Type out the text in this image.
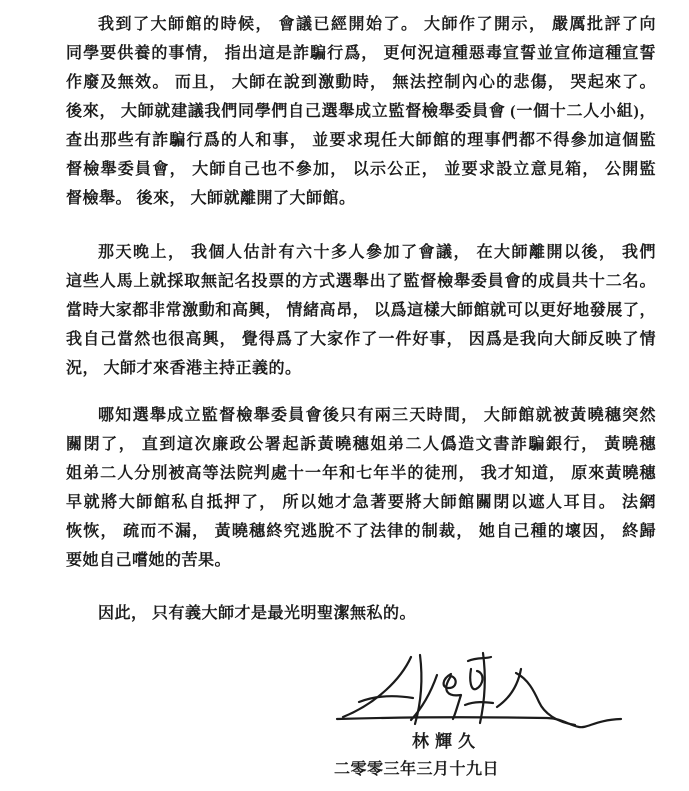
我到了大師館的時候， 會議已經開始了。 大師作了開示， 嚴厲批評了向
同學要供養的事情， 指出這是詐騙行爲， 更何況這種惡毒宣誓並宣佈這種宣誓
作廢及無效。 而且， 大師在說到激動時， 無法控制內心的悲傷， 哭起來了。
後來， 大師就建議我們同學們自己選舉成立監督檢舉委員會 (一個十二人小組)，
查出那些有詐騙行爲的人和事， 並要求現任大師館的理事們都不得參加這個監
督檢舉委員會， 大師自己也不參加， 以示公正， 並要求設立意見箱， 公開監
督檢舉。 後來， 大師就離開了大師館。
那天晚上， 我個人估計有六十多人參加了會議， 在大師離開以後， 我們
這些人馬上就採取無記名投票的方式選舉出了監督檢舉委員會的成員共十二名。
當時大家都非常激動和高興， 情緒高昂， 以爲這樣大師館就可以更好地發展了，
我自己當然也很高興， 覺得爲了大家作了一件好事， 因爲是我向大師反映了情
況， 大師才來香港主持正義的。
哪知選舉成立監督檢舉委員會後只有兩三天時間， 大師館就被黃曉穗突然
關閉了， 直到這次廉政公署起訴黃曉穗姐弟二人僞造文書詐騙銀行， 黃曉穗
姐弟二人分別被高等法院判處十一年和七年半的徒刑， 我才知道， 原來黃曉穗
早就將大師館私自抵押了， 所以她才急著要將大師館關閉以遮人耳目。 法網
恢恢， 疏而不漏， 黃曉穗終究逃脫不了法律的制裁， 她自己種的壞因， 終歸
要她自己嚐她的苦果。
因此， 只有義大師才是最光明聖潔無私的。
林輝久
二零零三年三月十九日
